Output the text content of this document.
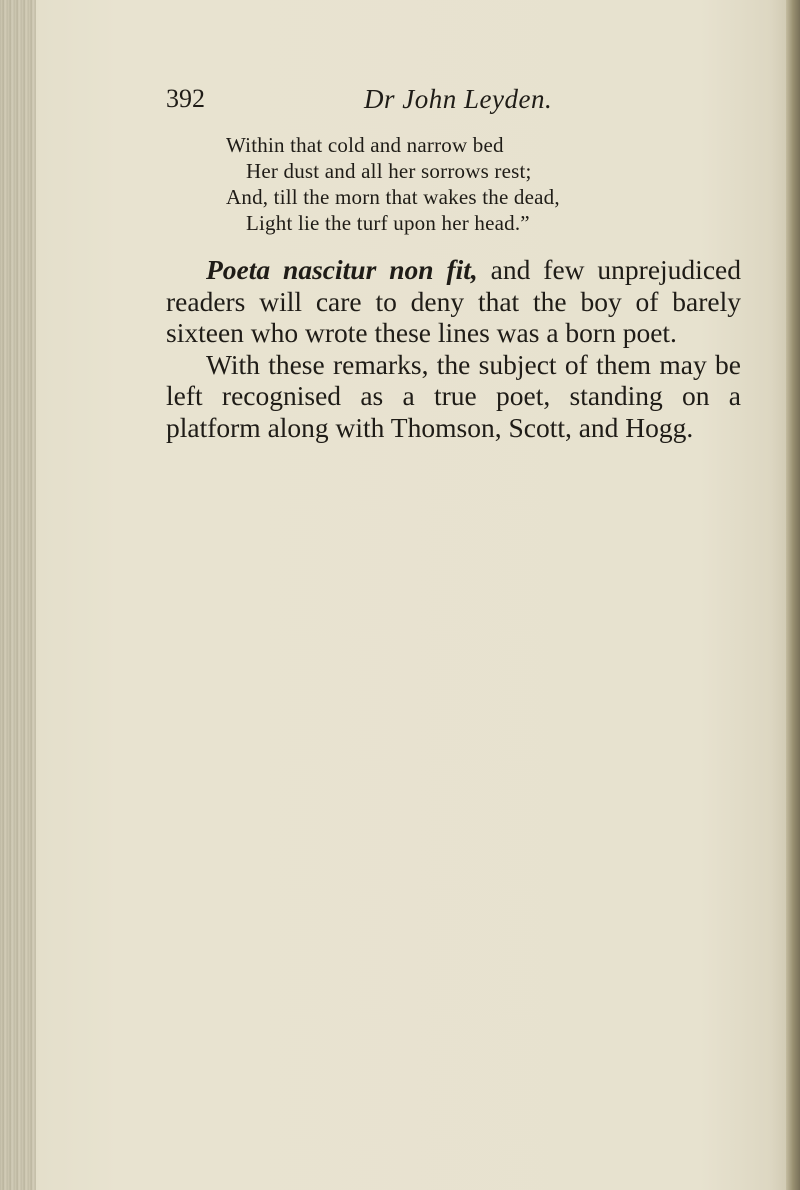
392	Dr John Leyden.
Within that cold and narrow bed
Her dust and all her sorrows rest;
And, till the morn that wakes the dead,
Light lie the turf upon her head.”

Poeta nascitur non fit, and few unprejudiced readers will care to deny that the boy of barely sixteen who wrote these lines was a born poet.

With these remarks, the subject of them may be left recognised as a true poet, standing on a platform along with Thomson, Scott, and Hogg.
